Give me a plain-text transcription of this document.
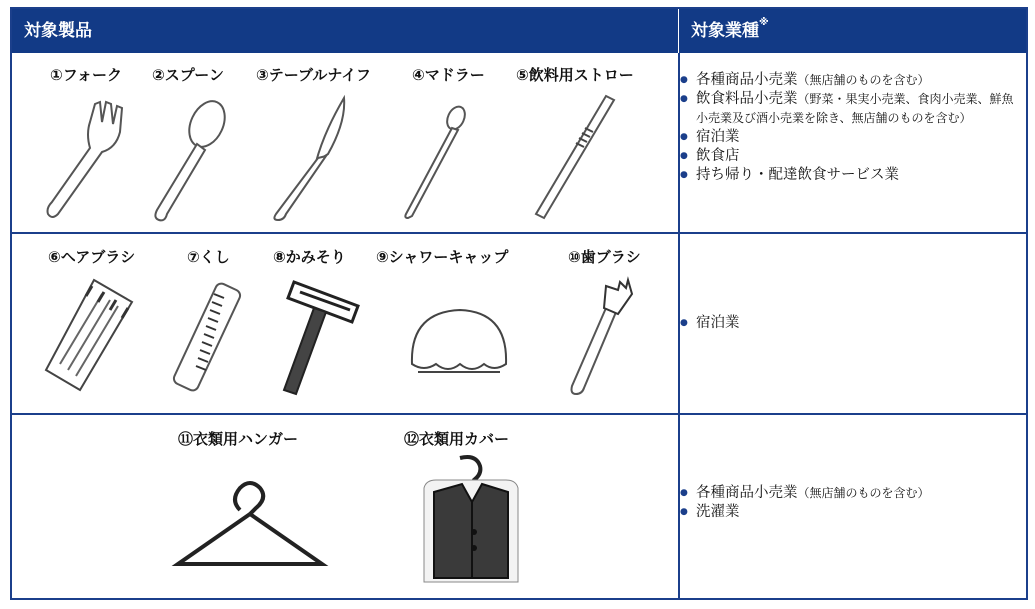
対象製品	対象業種※
①フォーク ②スプーン ③テーブルナイフ	④マドラー ⑤飲料用ストロー
●	各種商品小売業（無店舗のものを含む）
● 飲食料品小売業（野菜・果実小売業、食肉小売業、鮮魚小売業及び酒小売業を除き、無店舗のものを含む）
● 宿泊業
● 飲食店
● 持ち帰り・配達飲食サービス業
⑥ヘアブラシ	⑦くし	⑧かみそり ⑨シャワーキャップ	⑩歯ブラシ
● 宿泊業
⑪衣類用ハンガー	⑫衣類用カバー
● 各種商品小売業（無店舗のものを含む）
● 洗濯業
